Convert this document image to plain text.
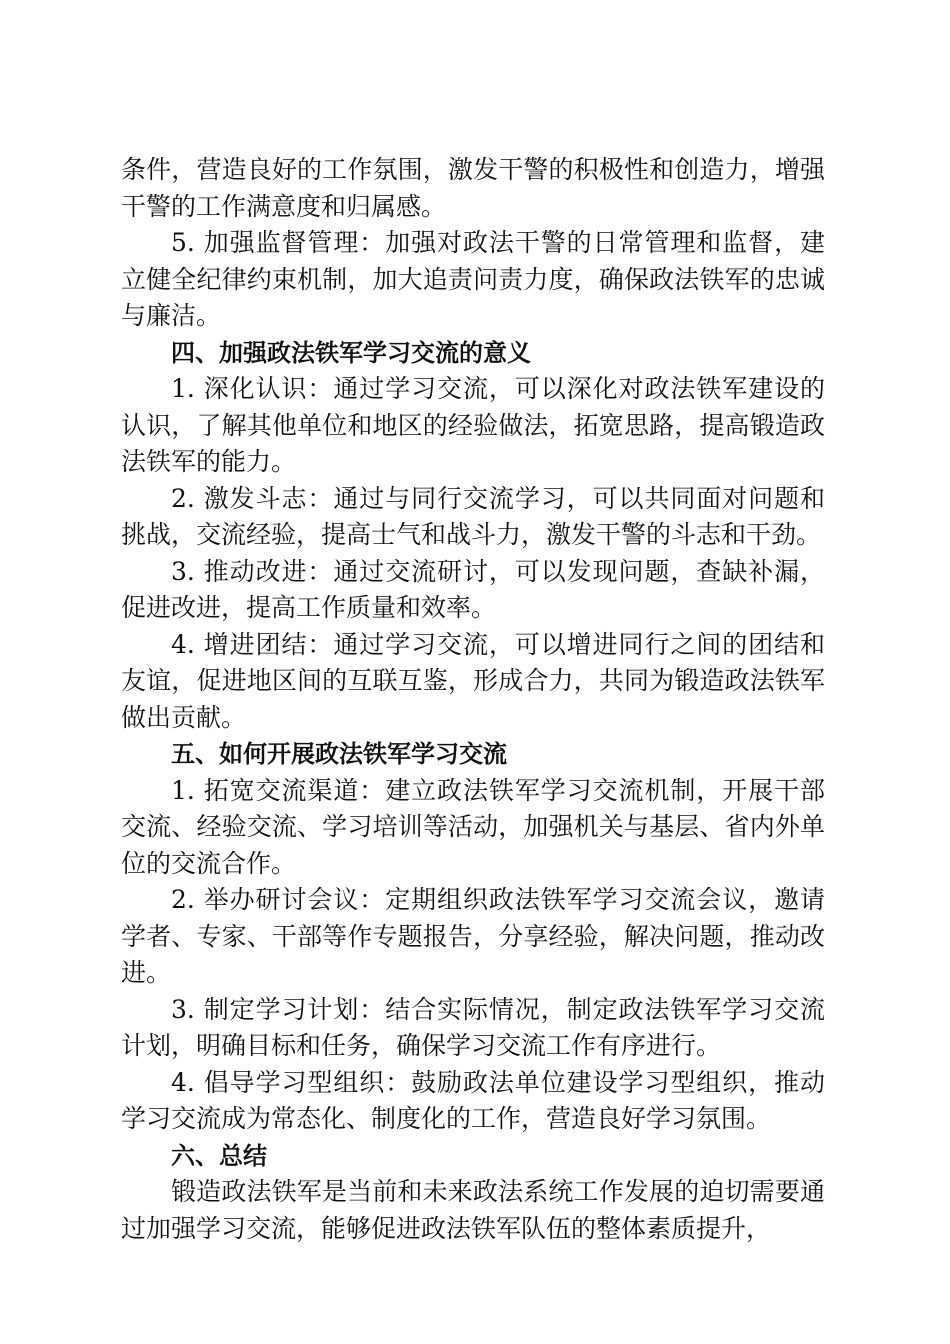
条件，营造良好的工作氛围，激发干警的积极性和创造力，增强干警的工作满意度和归属感。

5. 加强监督管理：加强对政法干警的日常管理和监督，建立健全纪律约束机制，加大追责问责力度，确保政法铁军的忠诚与廉洁。

四、加强政法铁军学习交流的意义

1. 深化认识：通过学习交流，可以深化对政法铁军建设的认识，了解其他单位和地区的经验做法，拓宽思路，提高锻造政法铁军的能力。

2. 激发斗志：通过与同行交流学习，可以共同面对问题和挑战，交流经验，提高士气和战斗力，激发干警的斗志和干劲。

3. 推动改进：通过交流研讨，可以发现问题，查缺补漏，促进改进，提高工作质量和效率。

4. 增进团结：通过学习交流，可以增进同行之间的团结和友谊，促进地区间的互联互鉴，形成合力，共同为锻造政法铁军做出贡献。

五、如何开展政法铁军学习交流

1. 拓宽交流渠道：建立政法铁军学习交流机制，开展干部交流、经验交流、学习培训等活动，加强机关与基层、省内外单位的交流合作。

2. 举办研讨会议：定期组织政法铁军学习交流会议，邀请学者、专家、干部等作专题报告，分享经验，解决问题，推动改进。

3. 制定学习计划：结合实际情况，制定政法铁军学习交流计划，明确目标和任务，确保学习交流工作有序进行。

4. 倡导学习型组织：鼓励政法单位建设学习型组织，推动学习交流成为常态化、制度化的工作，营造良好学习氛围。

六、总结

锻造政法铁军是当前和未来政法系统工作发展的迫切需要通过加强学习交流，能够促进政法铁军队伍的整体素质提升，
